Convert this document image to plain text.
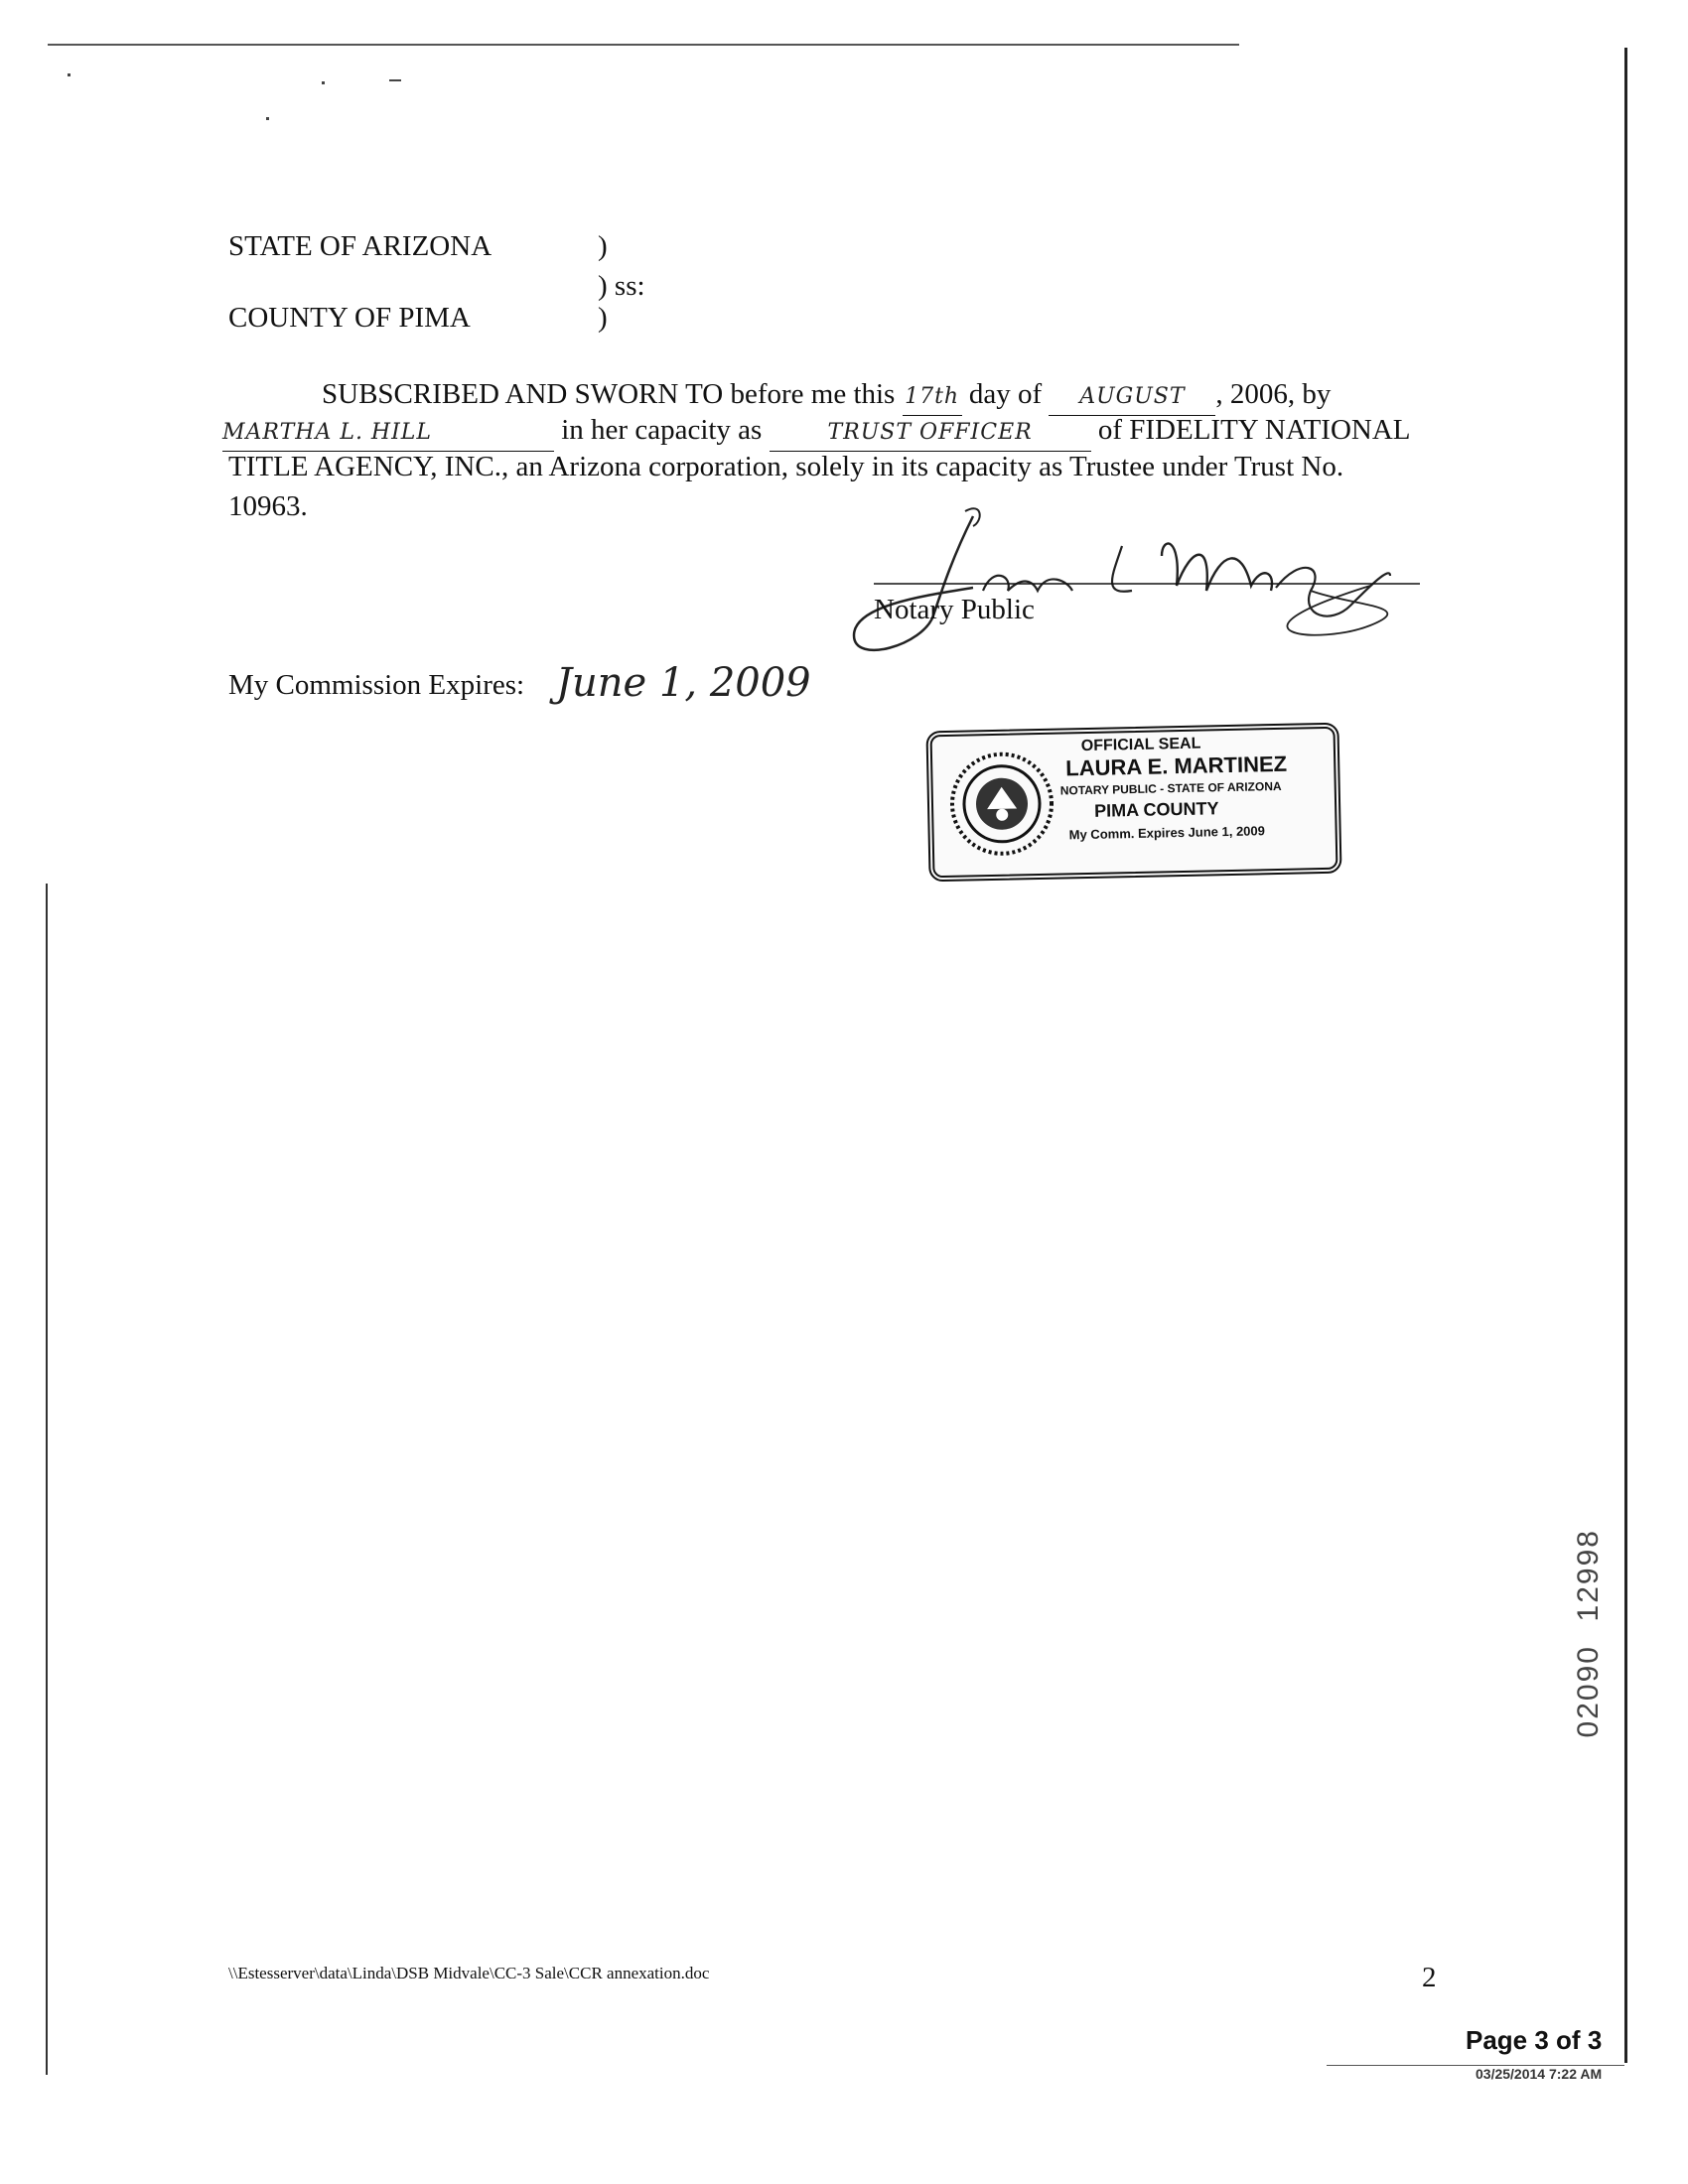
STATE OF ARIZONA	)
) ss:
COUNTY OF PIMA	)
SUBSCRIBED AND SWORN TO before me this 17th day of AUGUST , 2006, by
MARTHA L. HILL	in her capacity as	TRUST OFFICER of FIDELITY NATIONAL
TITLE AGENCY, INC., an Arizona corporation, solely in its capacity as Trustee under Trust No.
10963.
Notary Public
My Commission Expires: June 1, 2009
OFFICIAL SEAL
LAURA E. MARTINEZ
NOTARY PUBLIC - STATE OF ARIZONA
PIMA COUNTY
My Comm. Expires June 1, 2009
12998
02090
\\Estesserver\data\Linda\DSB Midvale\CC-3 Sale\CCR annexation.doc	2
Page 3 of 3
03/25/2014 7:22 AM
